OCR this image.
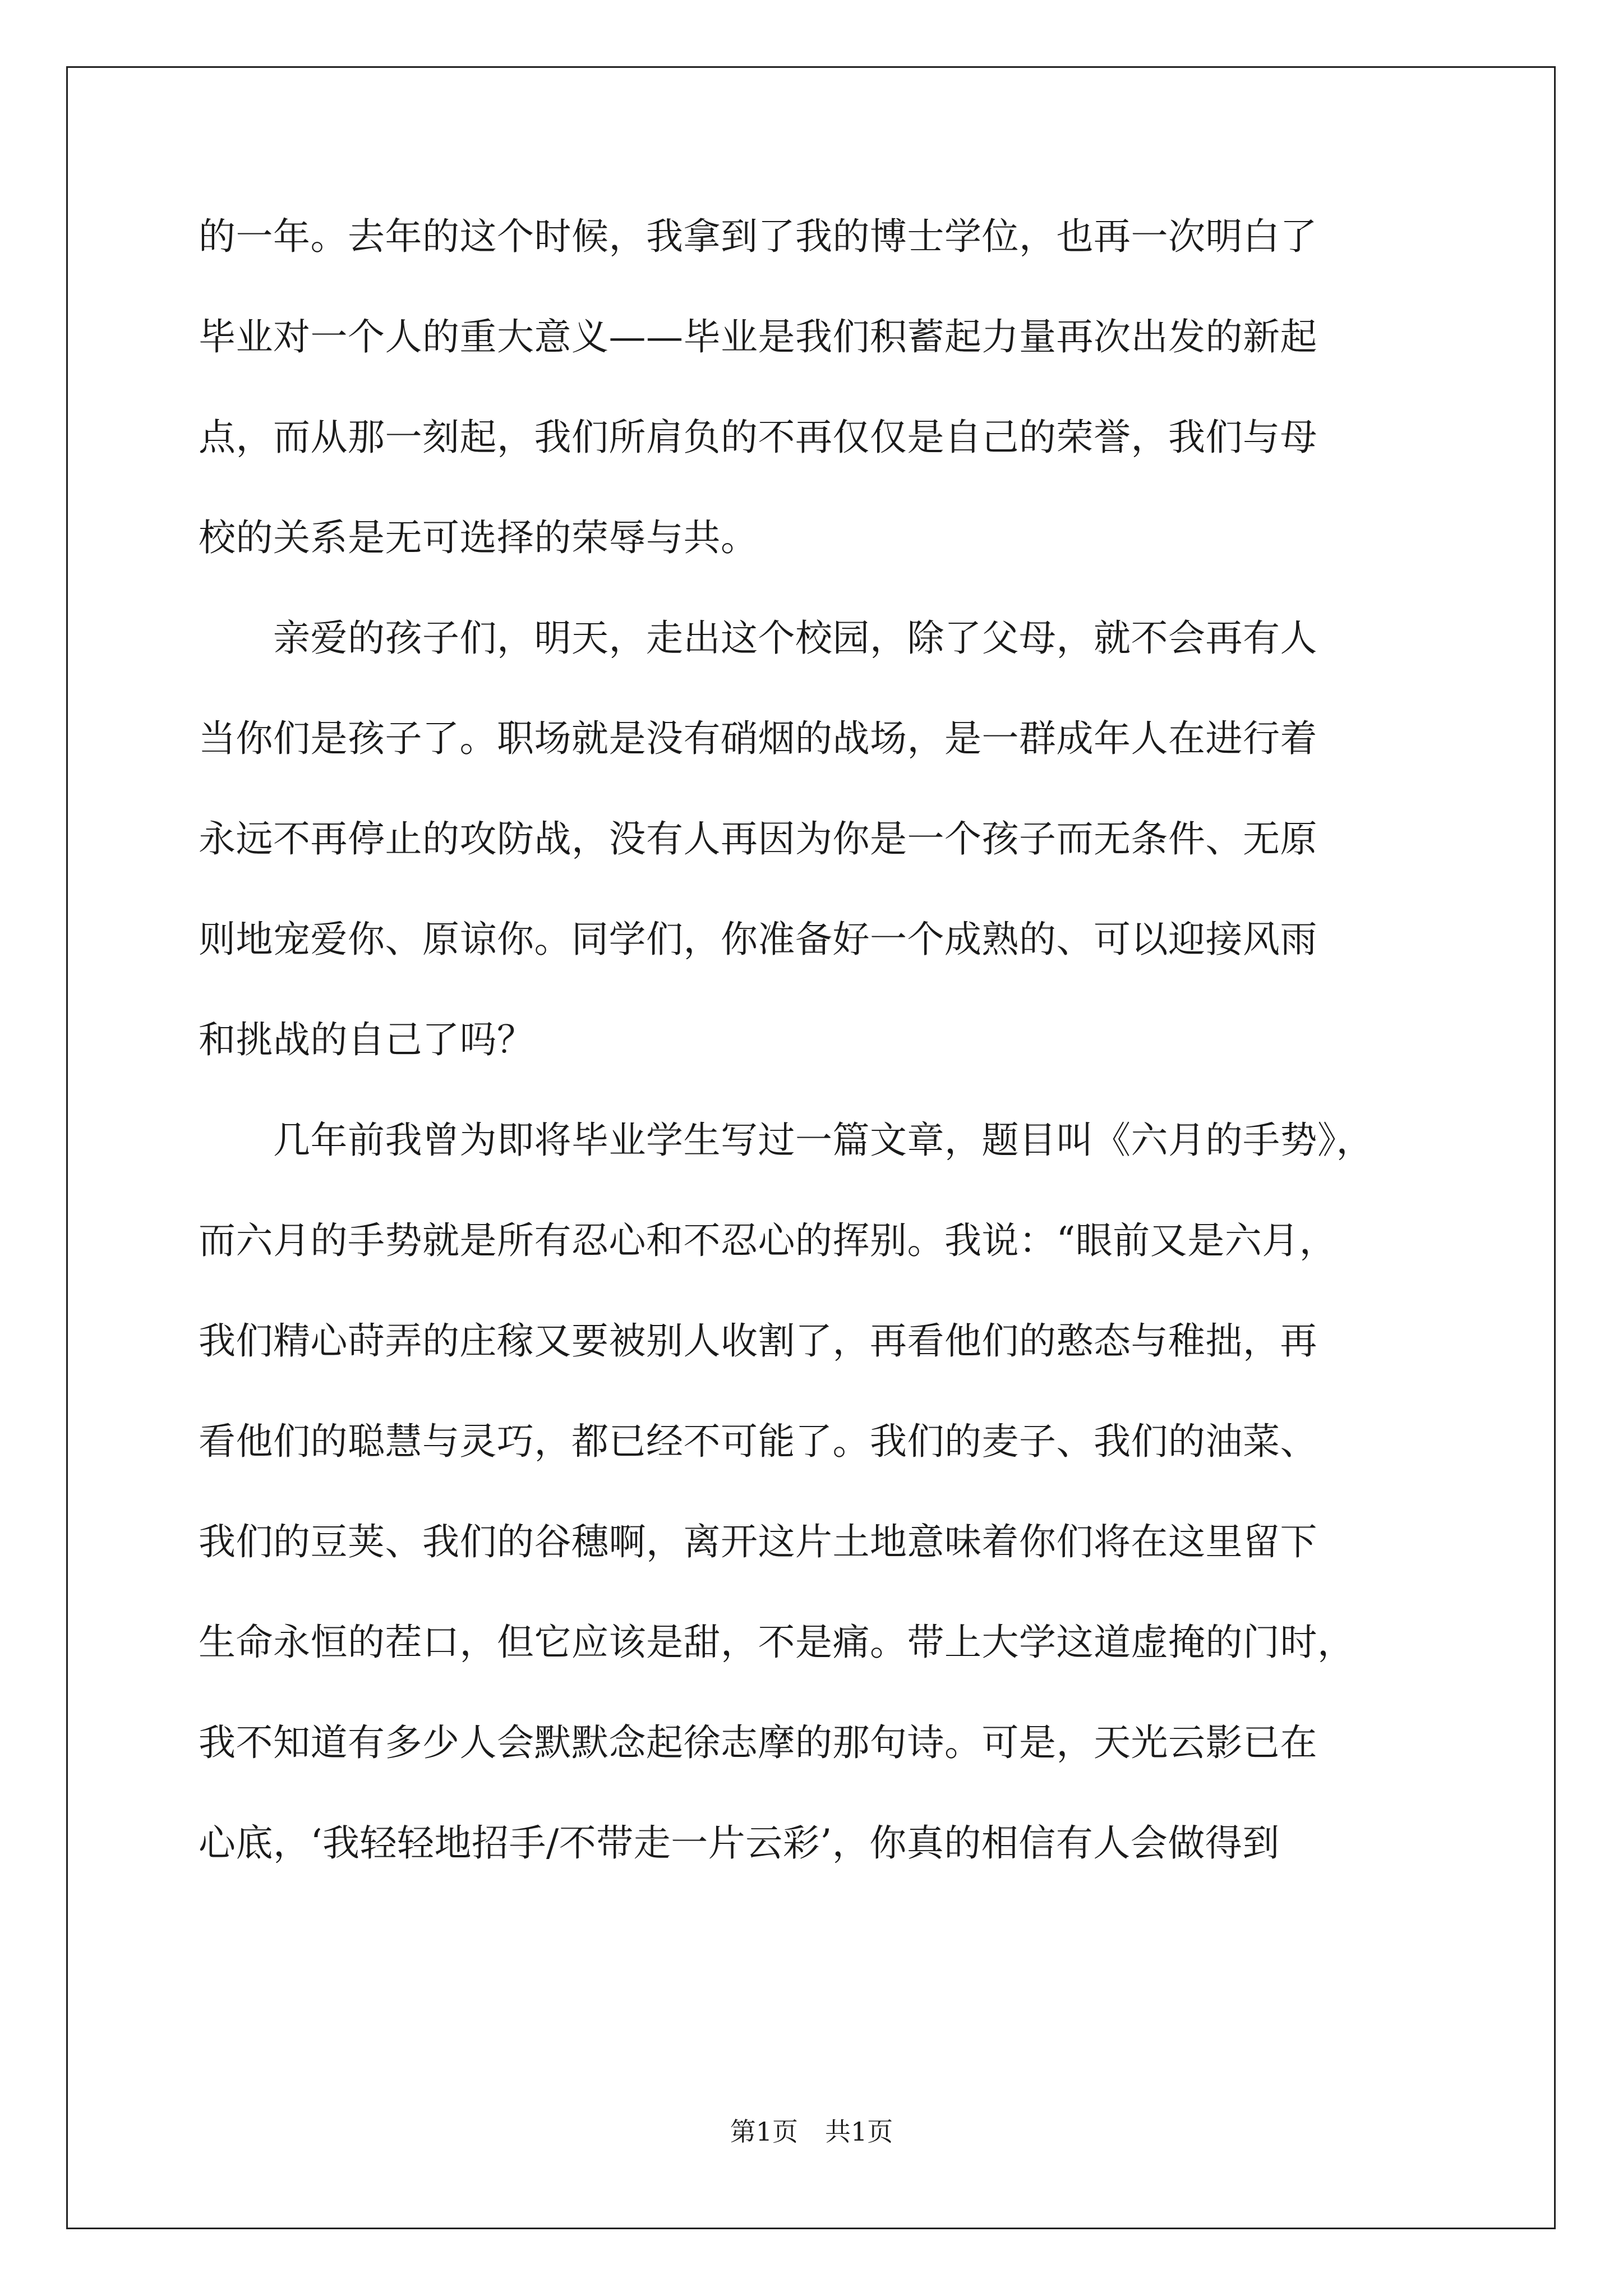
的一年。去年的这个时候，我拿到了我的博士学位，也再一次明白了
毕业对一个人的重大意义——毕业是我们积蓄起力量再次出发的新起
点，而从那一刻起，我们所肩负的不再仅仅是自己的荣誉，我们与母
校的关系是无可选择的荣辱与共。
亲爱的孩子们，明天，走出这个校园，除了父母，就不会再有人
当你们是孩子了。职场就是没有硝烟的战场，是一群成年人在进行着
永远不再停止的攻防战，没有人再因为你是一个孩子而无条件、无原
则地宠爱你、原谅你。同学们，你准备好一个成熟的、可以迎接风雨
和挑战的自己了吗？
几年前我曾为即将毕业学生写过一篇文章，题目叫《六月的手势》，
而六月的手势就是所有忍心和不忍心的挥别。我说：“眼前又是六月，
我们精心莳弄的庄稼又要被别人收割了，再看他们的憨态与稚拙，再
看他们的聪慧与灵巧，都已经不可能了。我们的麦子、我们的油菜、
我们的豆荚、我们的谷穗啊，离开这片土地意味着你们将在这里留下
生命永恒的茬口，但它应该是甜，不是痛。带上大学这道虚掩的门时，
我不知道有多少人会默默念起徐志摩的那句诗。可是，天光云影已在
心底，‘我轻轻地招手/不带走一片云彩’，你真的相信有人会做得到
第1页 共1页
